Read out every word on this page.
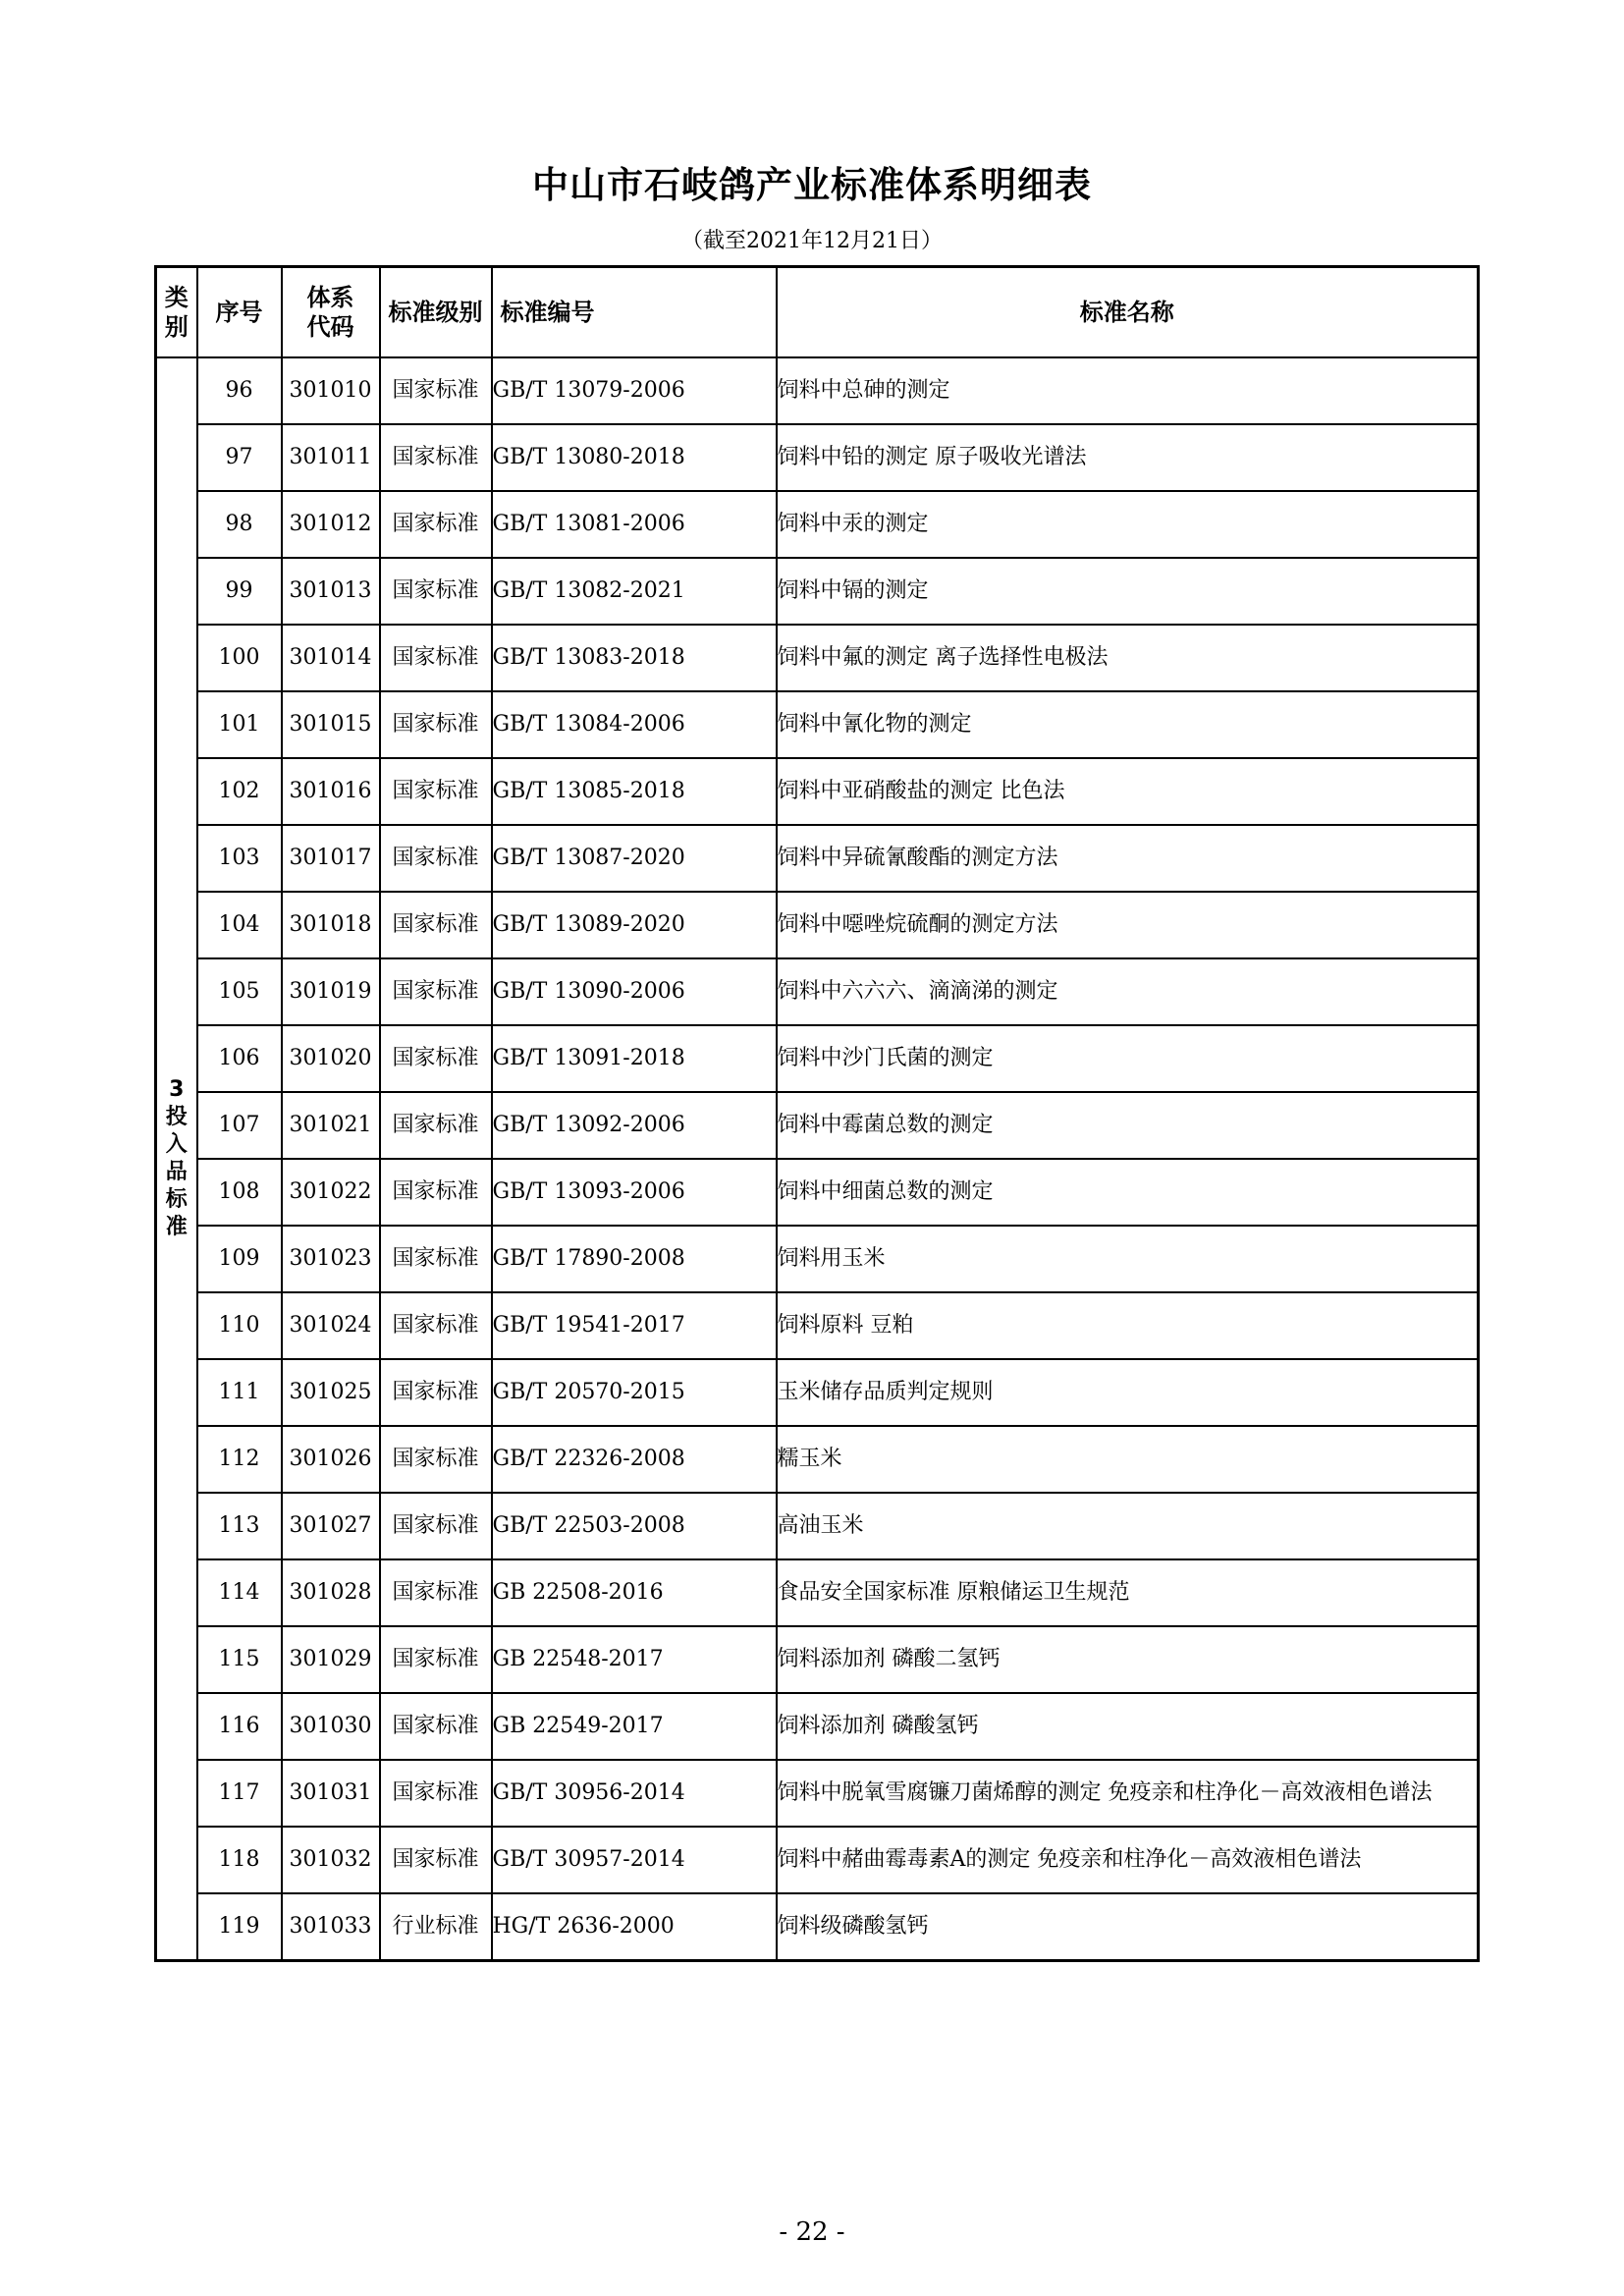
中山市石岐鸽产业标准体系明细表
（截至2021年12月21日）
类别	序号	体系代码	标准级别	标准编号	标准名称
3投入品标准	96	301010	国家标准	GB/T 13079-2006	饲料中总砷的测定
	97	301011	国家标准	GB/T 13080-2018	饲料中铅的测定 原子吸收光谱法
	98	301012	国家标准	GB/T 13081-2006	饲料中汞的测定
	99	301013	国家标准	GB/T 13082-2021	饲料中镉的测定
	100	301014	国家标准	GB/T 13083-2018	饲料中氟的测定 离子选择性电极法
	101	301015	国家标准	GB/T 13084-2006	饲料中氰化物的测定
	102	301016	国家标准	GB/T 13085-2018	饲料中亚硝酸盐的测定 比色法
	103	301017	国家标准	GB/T 13087-2020	饲料中异硫氰酸酯的测定方法
	104	301018	国家标准	GB/T 13089-2020	饲料中噁唑烷硫酮的测定方法
	105	301019	国家标准	GB/T 13090-2006	饲料中六六六、滴滴涕的测定
	106	301020	国家标准	GB/T 13091-2018	饲料中沙门氏菌的测定
	107	301021	国家标准	GB/T 13092-2006	饲料中霉菌总数的测定
	108	301022	国家标准	GB/T 13093-2006	饲料中细菌总数的测定
	109	301023	国家标准	GB/T 17890-2008	饲料用玉米
	110	301024	国家标准	GB/T 19541-2017	饲料原料 豆粕
	111	301025	国家标准	GB/T 20570-2015	玉米储存品质判定规则
	112	301026	国家标准	GB/T 22326-2008	糯玉米
	113	301027	国家标准	GB/T 22503-2008	高油玉米
	114	301028	国家标准	GB 22508-2016	食品安全国家标准 原粮储运卫生规范
	115	301029	国家标准	GB 22548-2017	饲料添加剂 磷酸二氢钙
	116	301030	国家标准	GB 22549-2017	饲料添加剂 磷酸氢钙
	117	301031	国家标准	GB/T 30956-2014	饲料中脱氧雪腐镰刀菌烯醇的测定 免疫亲和柱净化－高效液相色谱法
	118	301032	国家标准	GB/T 30957-2014	饲料中赭曲霉毒素A的测定 免疫亲和柱净化－高效液相色谱法
	119	301033	行业标准	HG/T 2636-2000	饲料级磷酸氢钙
- 22 -
